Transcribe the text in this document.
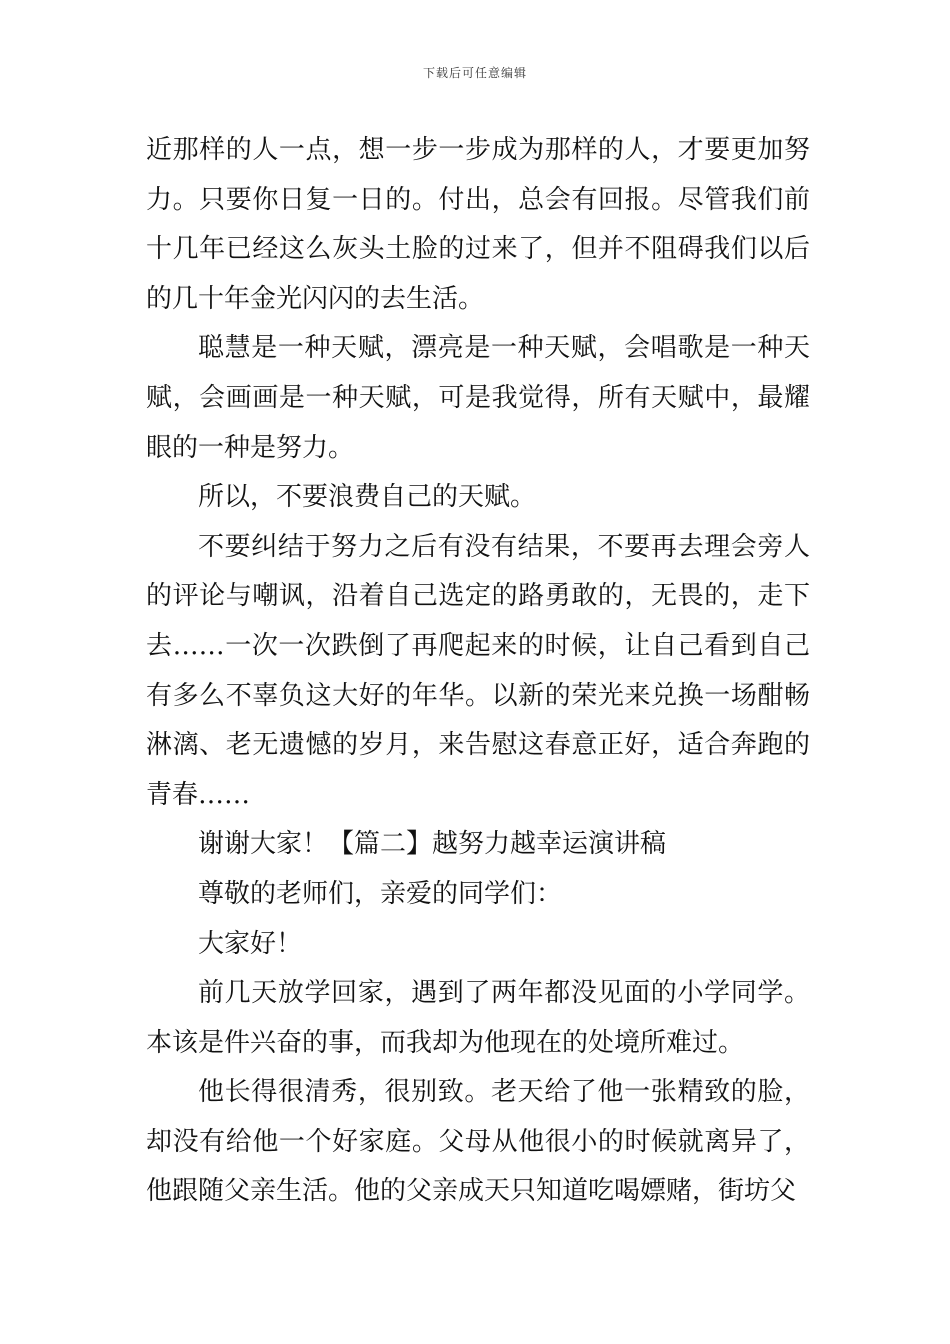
下载后可任意编辑

近那样的人一点，想一步一步成为那样的人，才要更加努力。只要你日复一日的。付出，总会有回报。尽管我们前十几年已经这么灰头土脸的过来了，但并不阻碍我们以后的几十年金光闪闪的去生活。

聪慧是一种天赋，漂亮是一种天赋，会唱歌是一种天赋，会画画是一种天赋，可是我觉得，所有天赋中，最耀眼的一种是努力。

所以，不要浪费自己的天赋。

不要纠结于努力之后有没有结果，不要再去理会旁人的评论与嘲讽，沿着自己选定的路勇敢的，无畏的，走下去……一次一次跌倒了再爬起来的时候，让自己看到自己有多么不辜负这大好的年华。以新的荣光来兑换一场酣畅淋漓、老无遗憾的岁月，来告慰这春意正好，适合奔跑的青春……

谢谢大家！【篇二】越努力越幸运演讲稿

尊敬的老师们，亲爱的同学们：

大家好！

前几天放学回家，遇到了两年都没见面的小学同学。本该是件兴奋的事，而我却为他现在的处境所难过。

他长得很清秀，很别致。老天给了他一张精致的脸，却没有给他一个好家庭。父母从他很小的时候就离异了，他跟随父亲生活。他的父亲成天只知道吃喝嫖赌，街坊父
